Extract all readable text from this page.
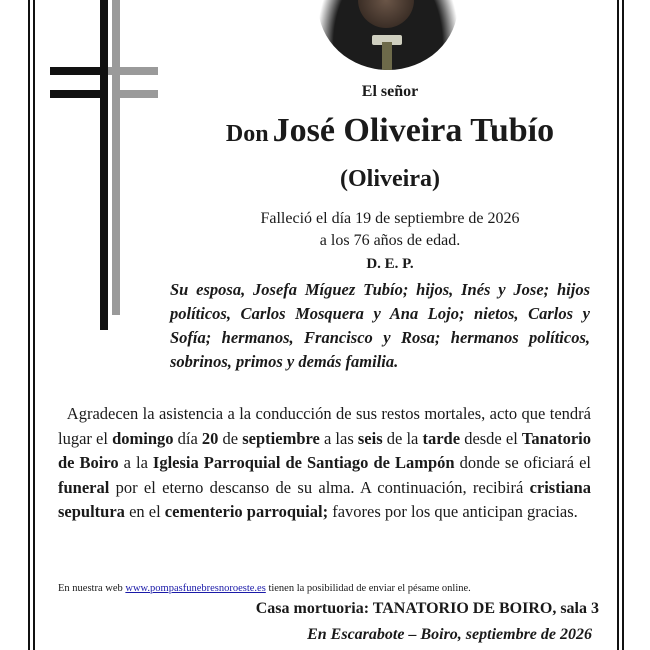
El señor
Don José Oliveira Tubío
(Oliveira)
Falleció el día 19 de septiembre de 2026
a los 76 años de edad.
D. E. P.
Su esposa, Josefa Míguez Tubío; hijos, Inés y Jose; hijos políticos, Carlos Mosquera y Ana Lojo; nietos, Carlos y Sofía; hermanos, Francisco y Rosa; hermanos políticos, sobrinos, primos y demás familia.
Agradecen la asistencia a la conducción de sus restos mortales, acto que tendrá lugar el domingo día 20 de septiembre a las seis de la tarde desde el Tanatorio de Boiro a la Iglesia Parroquial de Santiago de Lampón donde se oficiará el funeral por el eterno descanso de su alma. A continuación, recibirá cristiana sepultura en el cementerio parroquial; favores por los que anticipan gracias.
En nuestra web www.pompasfunebresnoroeste.es tienen la posibilidad de enviar el pésame online.
Casa mortuoria: TANATORIO DE BOIRO, sala 3
En Escarabote – Boiro, septiembre de 2026
